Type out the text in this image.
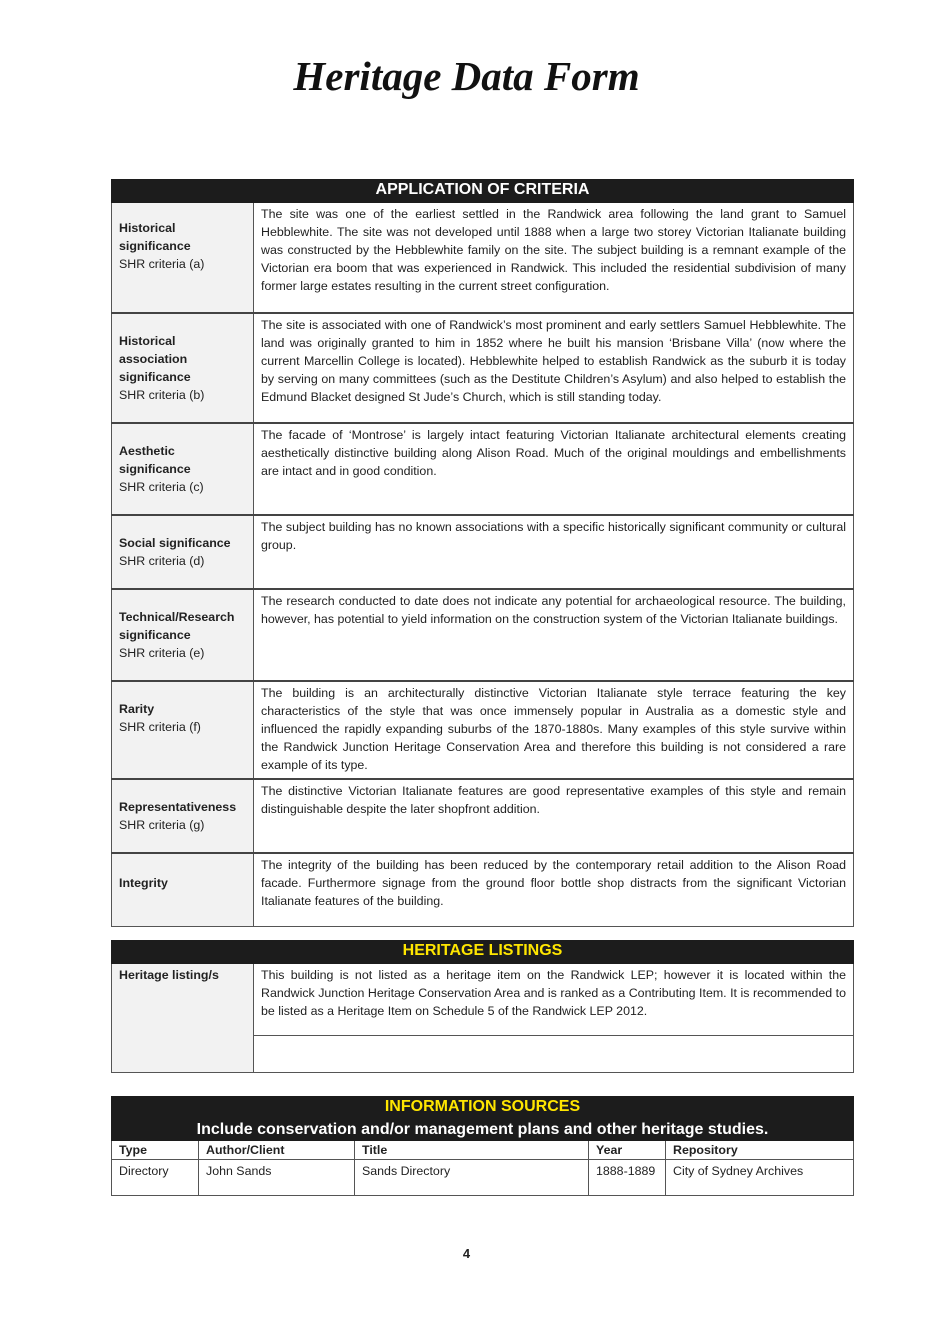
Heritage Data Form
APPLICATION OF CRITERIA	

Historical significance
SHR criteria (a)	The site was one of the earliest settled in the Randwick area following the land grant to Samuel Hebblewhite. The site was not developed until 1888 when a large two storey Victorian Italianate building was constructed by the Hebblewhite family on the site. The subject building is a remnant example of the Victorian era boom that was experienced in Randwick. This included the residential subdivision of many former large estates resulting in the current street configuration.

Historical association significance
SHR criteria (b)	The site is associated with one of Randwick’s most prominent and early settlers Samuel Hebblewhite. The land was originally granted to him in 1852 where he built his mansion ‘Brisbane Villa’ (now where the current Marcellin College is located). Hebblewhite helped to establish Randwick as the suburb it is today by serving on many committees (such as the Destitute Children’s Asylum) and also helped to establish the Edmund Blacket designed St Jude’s Church, which is still standing today.

Aesthetic significance
SHR criteria (c)	The facade of ‘Montrose’ is largely intact featuring Victorian Italianate architectural elements creating aesthetically distinctive building along Alison Road. Much of the original mouldings and embellishments are intact and in good condition.

Social significance
SHR criteria (d)	The subject building has no known associations with a specific historically significant community or cultural group.

Technical/Research significance
SHR criteria (e)	The research conducted to date does not indicate any potential for archaeological resource. The building, however, has potential to yield information on the construction system of the Victorian Italianate buildings.

Rarity
SHR criteria (f)	The building is an architecturally distinctive Victorian Italianate style terrace featuring the key characteristics of the style that was once immensely popular in Australia as a domestic style and influenced the rapidly expanding suburbs of the 1870-1880s. Many examples of this style survive within the Randwick Junction Heritage Conservation Area and therefore this building is not considered a rare example of its type.

Representativeness
SHR criteria (g)	The distinctive Victorian Italianate features are good representative examples of this style and remain distinguishable despite the later shopfront addition.

Integrity	The integrity of the building has been reduced by the contemporary retail addition to the Alison Road facade. Furthermore signage from the ground floor bottle shop distracts from the significant Victorian Italianate features of the building.
HERITAGE LISTINGS
Heritage listing/s	This building is not listed as a heritage item on the Randwick LEP; however it is located within the Randwick Junction Heritage Conservation Area and is ranked as a Contributing Item. It is recommended to be listed as a Heritage Item on Schedule 5 of the Randwick LEP 2012.

INFORMATION SOURCES				
Include conservation and/or management plans and other heritage studies.				
Type	Author/Client	Title	Year	Repository
Directory	John Sands	Sands Directory	1888-1889	City of Sydney Archives
4
